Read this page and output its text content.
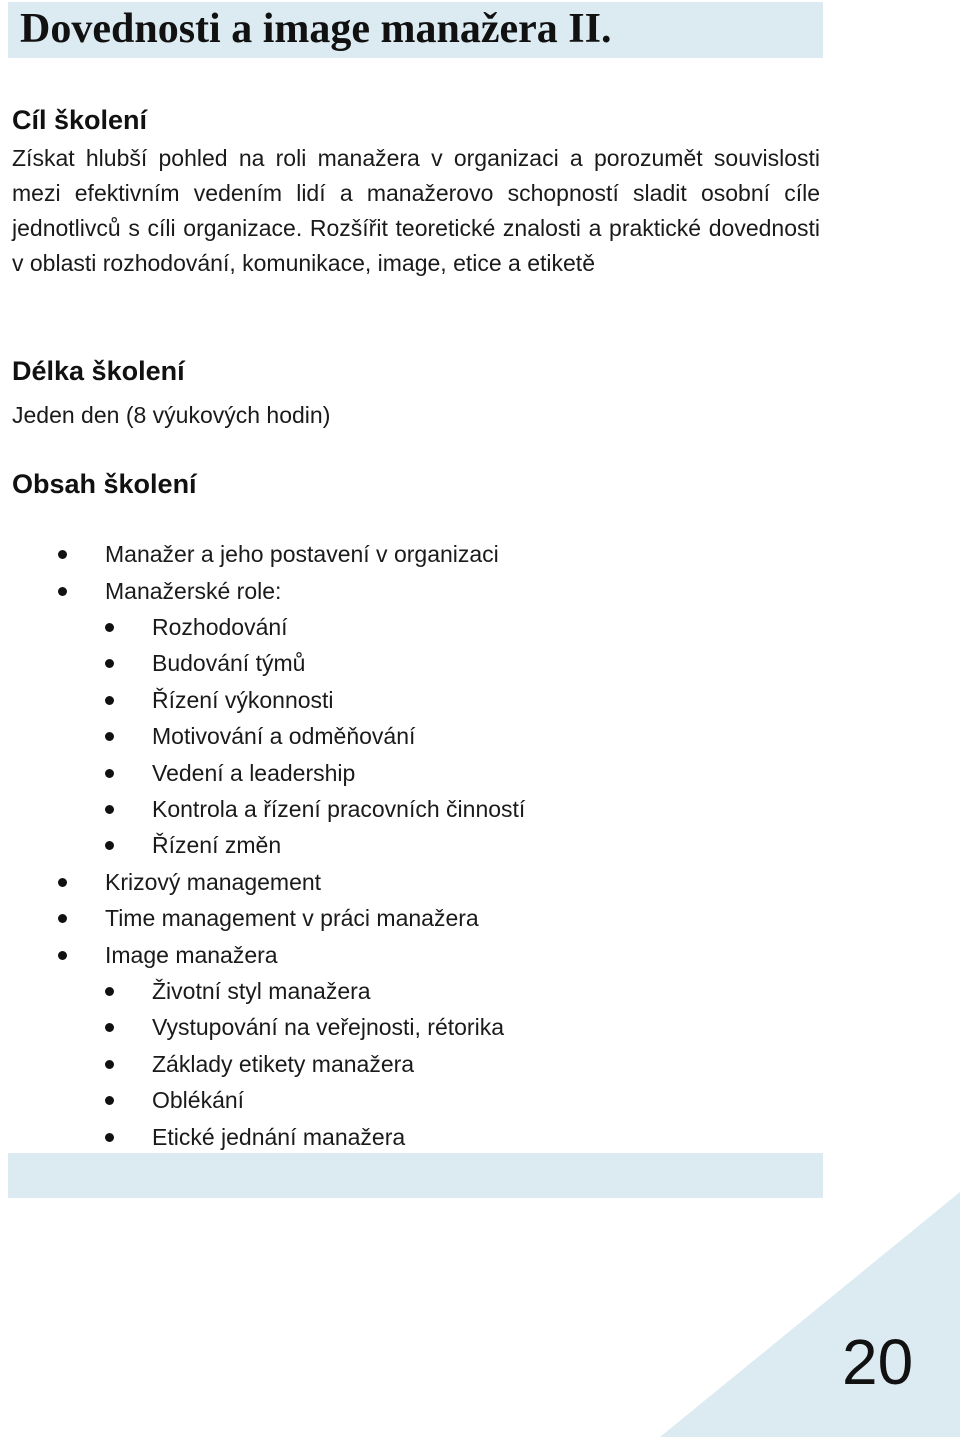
Dovednosti a image manažera II.
Cíl školení

Získat hlubší pohled na roli manažera v organizaci a porozumět souvislosti mezi efektivním vedením lidí a manažerovo schopností sladit osobní cíle jednotlivců s cíli organizace. Rozšířit teoretické znalosti a praktické dovednosti v oblasti rozhodování, komunikace, image, etice a etiketě

Délka školení

Jeden den (8 výukových hodin)

Obsah školení
Manažer a jeho postavení v organizaci
Manažerské role:
Rozhodování
Budování týmů
Řízení výkonnosti
Motivování a odměňování
Vedení a leadership
Kontrola a řízení pracovních činností
Řízení změn
Krizový management
Time management v práci manažera
Image manažera
Životní styl manažera
Vystupování na veřejnosti, rétorika
Základy etikety manažera
Oblékání
Etické jednání manažera
20
